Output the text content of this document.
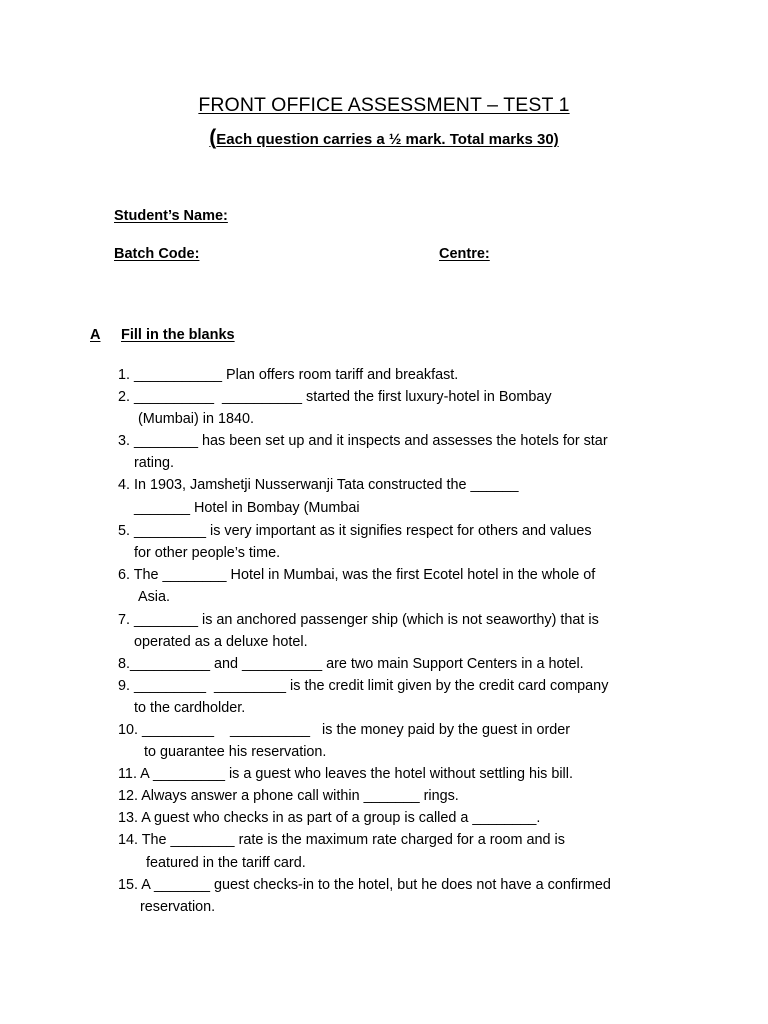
FRONT OFFICE ASSESSMENT – TEST 1
(Each question carries a ½ mark. Total marks 30)
Student’s Name:
Batch Code:	Centre:
A Fill in the blanks
1. ___________ Plan offers room tariff and breakfast.
2. __________  __________ started the first luxury-hotel in Bombay
(Mumbai) in 1840.
3. ________ has been set up and it inspects and assesses the hotels for star
rating.
4. In 1903, Jamshetji Nusserwanji Tata constructed the ______
_______ Hotel in Bombay (Mumbai
5. _________ is very important as it signifies respect for others and values
for other people’s time.
6. The ________ Hotel in Mumbai, was the first Ecotel hotel in the whole of
Asia.
7. ________ is an anchored passenger ship (which is not seaworthy) that is
operated as a deluxe hotel.
8.__________ and __________ are two main Support Centers in a hotel.
9. _________  _________ is the credit limit given by the credit card company
to the cardholder.
10. _________    __________   is the money paid by the guest in order
to guarantee his reservation.
11. A _________ is a guest who leaves the hotel without settling his bill.
12. Always answer a phone call within _______ rings.
13. A guest who checks in as part of a group is called a ________.
14. The ________ rate is the maximum rate charged for a room and is
featured in the tariff card.
15. A _______ guest checks-in to the hotel, but he does not have a confirmed
reservation.
